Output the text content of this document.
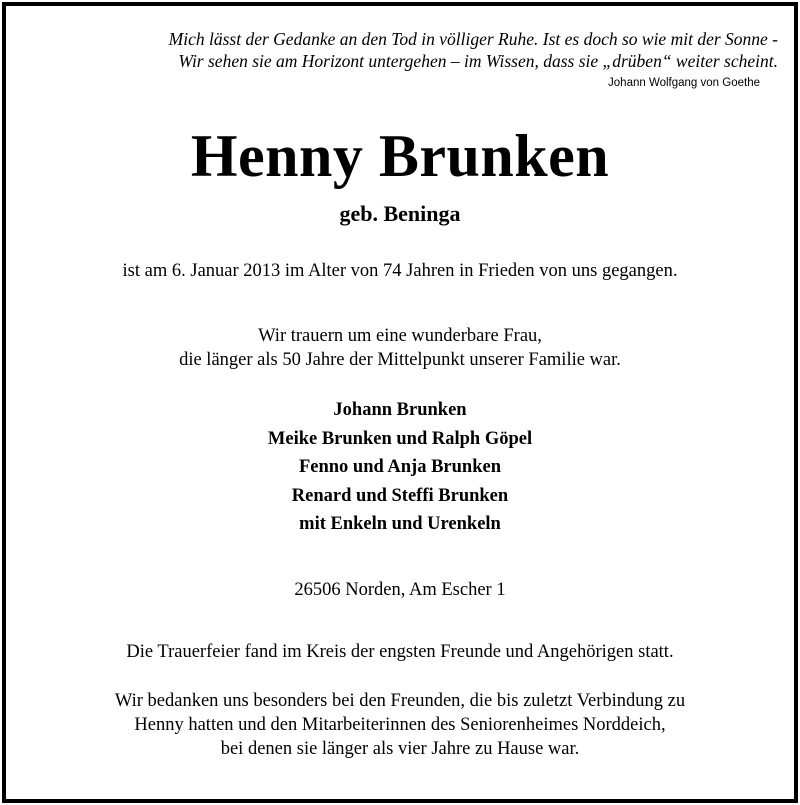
Mich lässt der Gedanke an den Tod in völliger Ruhe. Ist es doch so wie mit der Sonne -
Wir sehen sie am Horizont untergehen – im Wissen, dass sie „drüben“ weiter scheint.
Johann Wolfgang von Goethe
Henny Brunken
geb. Beninga
ist am 6. Januar 2013 im Alter von 74 Jahren in Frieden von uns gegangen.
Wir trauern um eine wunderbare Frau,
die länger als 50 Jahre der Mittelpunkt unserer Familie war.
Johann Brunken
Meike Brunken und Ralph Göpel
Fenno und Anja Brunken
Renard und Steffi Brunken
mit Enkeln und Urenkeln
26506 Norden, Am Escher 1
Die Trauerfeier fand im Kreis der engsten Freunde und Angehörigen statt.
Wir bedanken uns besonders bei den Freunden, die bis zuletzt Verbindung zu
Henny hatten und den Mitarbeiterinnen des Seniorenheimes Norddeich,
bei denen sie länger als vier Jahre zu Hause war.
